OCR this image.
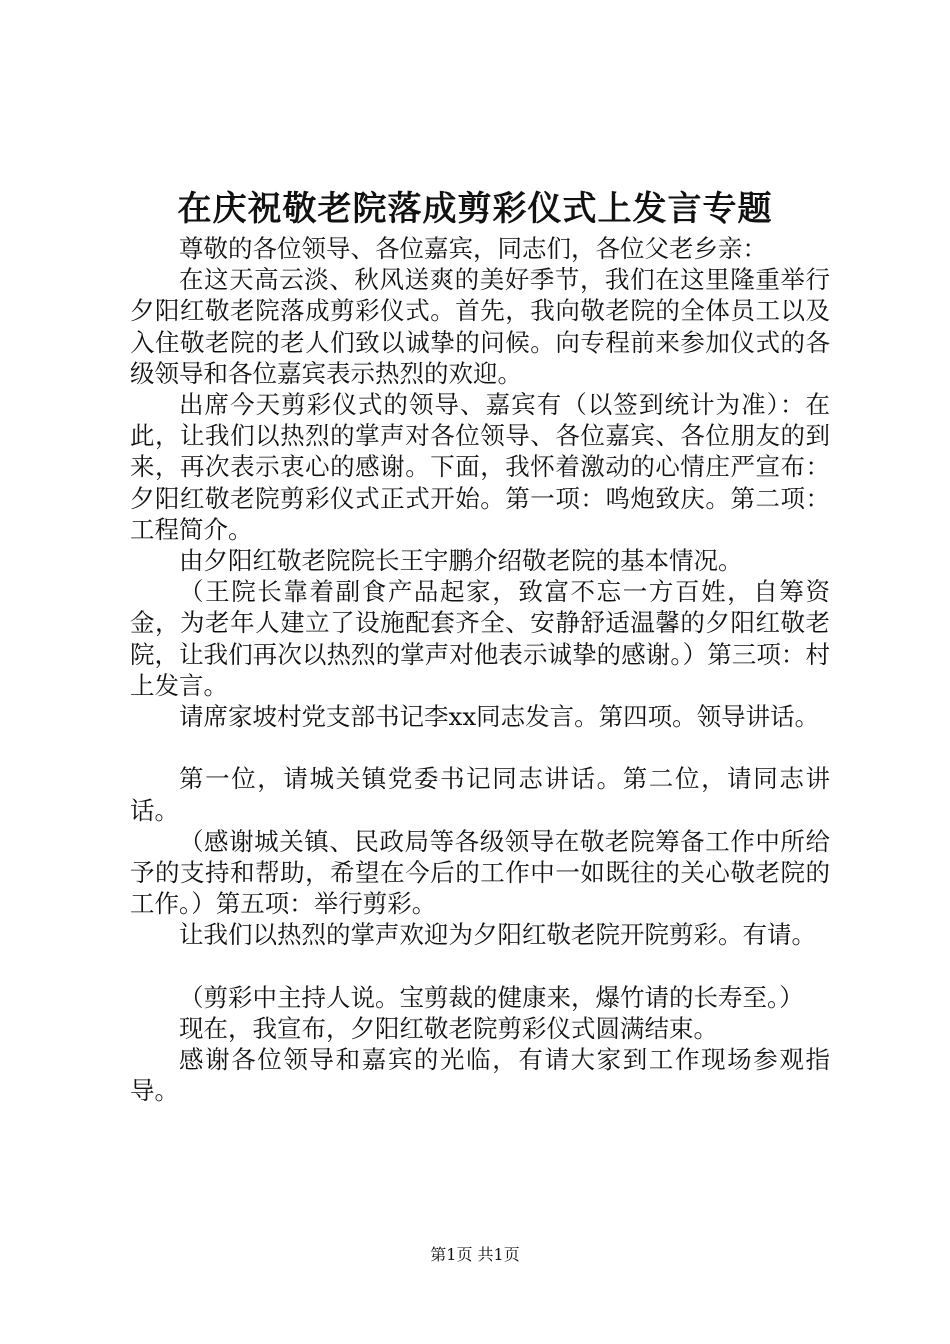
在庆祝敬老院落成剪彩仪式上发言专题

尊敬的各位领导、各位嘉宾，同志们，各位父老乡亲：

在这天高云淡、秋风送爽的美好季节，我们在这里隆重举行夕阳红敬老院落成剪彩仪式。首先，我向敬老院的全体员工以及入住敬老院的老人们致以诚挚的问候。向专程前来参加仪式的各级领导和各位嘉宾表示热烈的欢迎。

出席今天剪彩仪式的领导、嘉宾有（以签到统计为准）：在此，让我们以热烈的掌声对各位领导、各位嘉宾、各位朋友的到来，再次表示衷心的感谢。下面，我怀着激动的心情庄严宣布：夕阳红敬老院剪彩仪式正式开始。第一项：鸣炮致庆。第二项：工程简介。

由夕阳红敬老院院长王宇鹏介绍敬老院的基本情况。

（王院长靠着副食产品起家，致富不忘一方百姓，自筹资金，为老年人建立了设施配套齐全、安静舒适温馨的夕阳红敬老院，让我们再次以热烈的掌声对他表示诚挚的感谢。）第三项：村上发言。

请席家坡村党支部书记李xx同志发言。第四项。领导讲话。

第一位，请城关镇党委书记同志讲话。第二位，请同志讲话。

（感谢城关镇、民政局等各级领导在敬老院筹备工作中所给予的支持和帮助，希望在今后的工作中一如既往的关心敬老院的工作。）第五项：举行剪彩。

让我们以热烈的掌声欢迎为夕阳红敬老院开院剪彩。有请。

（剪彩中主持人说。宝剪裁的健康来，爆竹请的长寿至。）

现在，我宣布，夕阳红敬老院剪彩仪式圆满结束。

感谢各位领导和嘉宾的光临，有请大家到工作现场参观指导。

第1页 共1页
